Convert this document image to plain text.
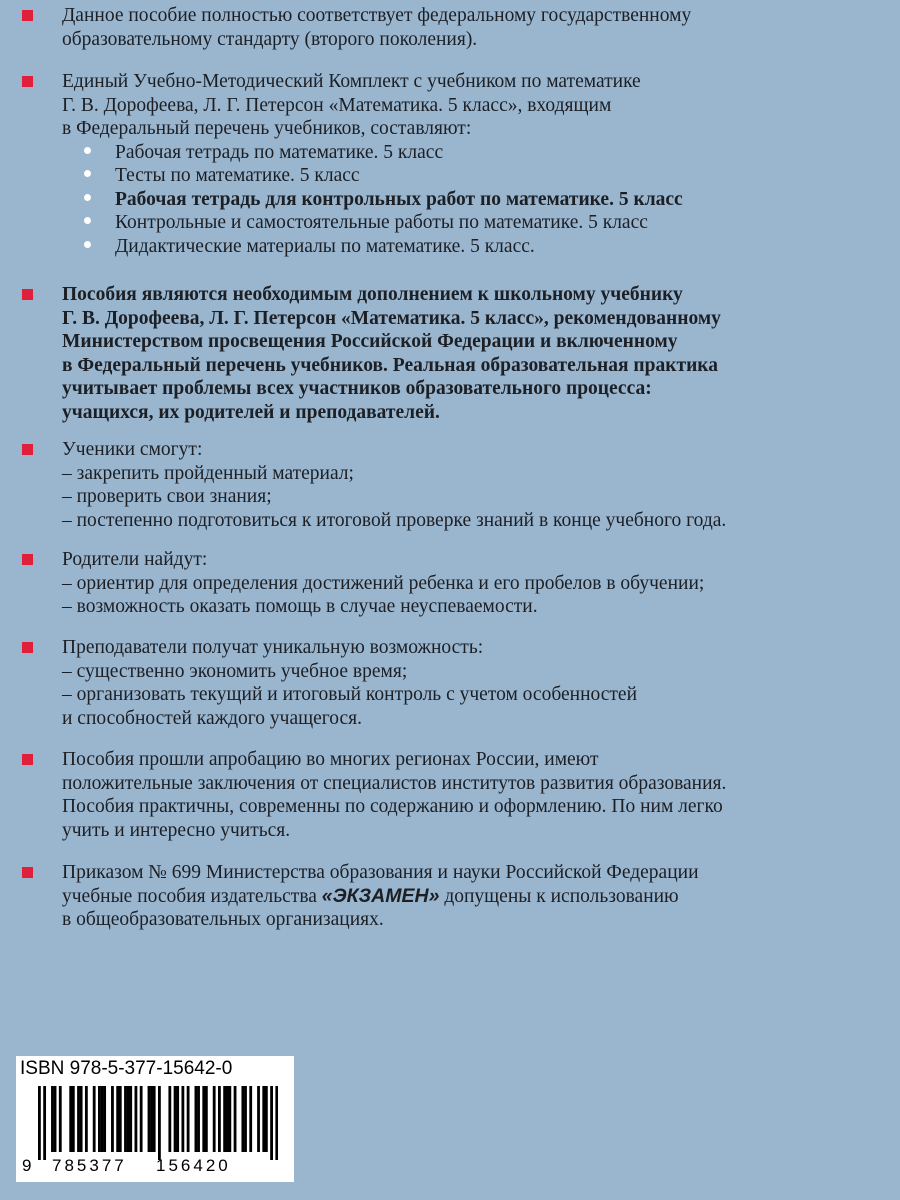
Данное пособие полностью соответствует федеральному государственному
образовательному стандарту (второго поколения).
Единый Учебно-Методический Комплект с учебником по математике
Г. В. Дорофеева, Л. Г. Петерсон «Математика. 5 класс», входящим
в Федеральный перечень учебников, составляют:
Рабочая тетрадь по математике. 5 класс
Тесты по математике. 5 класс
Рабочая тетрадь для контрольных работ по математике. 5 класс
Контрольные и самостоятельные работы по математике. 5 класс
Дидактические материалы по математике. 5 класс.
Пособия являются необходимым дополнением к школьному учебнику
Г. В. Дорофеева, Л. Г. Петерсон «Математика. 5 класс», рекомендованному
Министерством просвещения Российской Федерации и включенному
в Федеральный перечень учебников. Реальная образовательная практика
учитывает проблемы всех участников образовательного процесса:
учащихся, их родителей и преподавателей.
Ученики смогут:
– закрепить пройденный материал;
– проверить свои знания;
– постепенно подготовиться к итоговой проверке знаний в конце учебного года.
Родители найдут:
– ориентир для определения достижений ребенка и его пробелов в обучении;
– возможность оказать помощь в случае неуспеваемости.
Преподаватели получат уникальную возможность:
– существенно экономить учебное время;
– организовать текущий и итоговый контроль с учетом особенностей
и способностей каждого учащегося.
Пособия прошли апробацию во многих регионах России, имеют
положительные заключения от специалистов институтов развития образования.
Пособия практичны, современны по содержанию и оформлению. По ним легко
учить и интересно учиться.
Приказом № 699 Министерства образования и науки Российской Федерации
учебные пособия издательства «ЭКЗАМЕН» допущены к использованию
в общеобразовательных организациях.
ISBN 978-5-377-15642-0
9 785377 156420
